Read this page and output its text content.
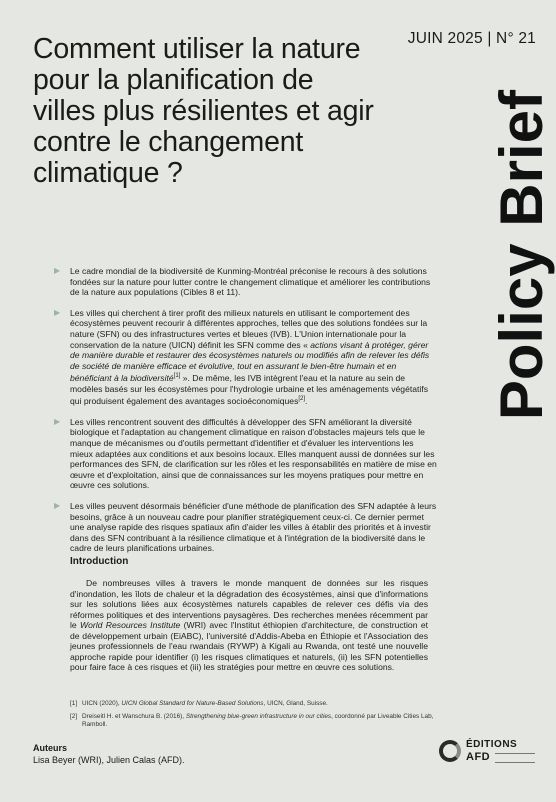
Comment utiliser la nature pour la planification de villes plus résilientes et agir contre le changement climatique ?
JUIN 2025 | N° 21
Policy Brief
▶ Le cadre mondial de la biodiversité de Kunming-Montréal préconise le recours à des solutions fondées sur la nature pour lutter contre le changement climatique et améliorer les contributions de la nature aux populations (Cibles 8 et 11).
▶ Les villes qui cherchent à tirer profit des milieux naturels en utilisant le comportement des écosystèmes peuvent recourir à différentes approches, telles que des solutions fondées sur la nature (SFN) ou des infrastructures vertes et bleues (IVB). L'Union internationale pour la conservation de la nature (UICN) définit les SFN comme des « actions visant à protéger, gérer de manière durable et restaurer des écosystèmes naturels ou modifiés afin de relever les défis de société de manière efficace et évolutive, tout en assurant le bien-être humain et en bénéficiant à la biodiversité[1] ». De même, les IVB intègrent l'eau et la nature au sein de modèles basés sur les écosystèmes pour l'hydrologie urbaine et les aménagements végétatifs qui produisent également des avantages socioéconomiques[2].
▶ Les villes rencontrent souvent des difficultés à développer des SFN améliorant la diversité biologique et l'adaptation au changement climatique en raison d'obstacles majeurs tels que le manque de mécanismes ou d'outils permettant d'identifier et d'évaluer les interventions les mieux adaptées aux conditions et aux besoins locaux. Elles manquent aussi de données sur les performances des SFN, de clarification sur les rôles et les responsabilités en matière de mise en œuvre et d'exploitation, ainsi que de connaissances sur les moyens pratiques pour mettre en œuvre ces solutions.
▶ Les villes peuvent désormais bénéficier d'une méthode de planification des SFN adaptée à leurs besoins, grâce à un nouveau cadre pour planifier stratégiquement ceux-ci. Ce dernier permet une analyse rapide des risques spatiaux afin d'aider les villes à établir des priorités et à investir dans des SFN contribuant à la résilience climatique et à l'intégration de la biodiversité dans le cadre de leurs planifications urbaines.
Introduction

De nombreuses villes à travers le monde manquent de données sur les risques d'inondation, les îlots de chaleur et la dégradation des écosystèmes, ainsi que d'informations sur les solutions liées aux écosystèmes naturels capables de relever ces défis via des réformes politiques et des interventions paysagères. Des recherches menées récemment par le World Resources Institute (WRI) avec l'Institut éthiopien d'architecture, de construction et de développement urbain (EiABC), l'université d'Addis-Abeba en Éthiopie et l'Association des jeunes professionnels de l'eau rwandais (RYWP) à Kigali au Rwanda, ont testé une nouvelle approche rapide pour identifier (i) les risques climatiques et naturels, (ii) les SFN potentielles pour faire face à ces risques et (iii) les stratégies pour mettre en œuvre ces solutions.

[1] UICN (2020), UICN Global Standard for Nature-Based Solutions, UICN, Gland, Suisse.
[2] Dreiseitl H. et Wanschura B. (2016), Strengthening blue-green infrastructure in our cities, coordonné par Liveable Cities Lab, Ramboll.
Auteurs
Lisa Beyer (WRI), Julien Calas (AFD).
ÉDITIONS
AFD
